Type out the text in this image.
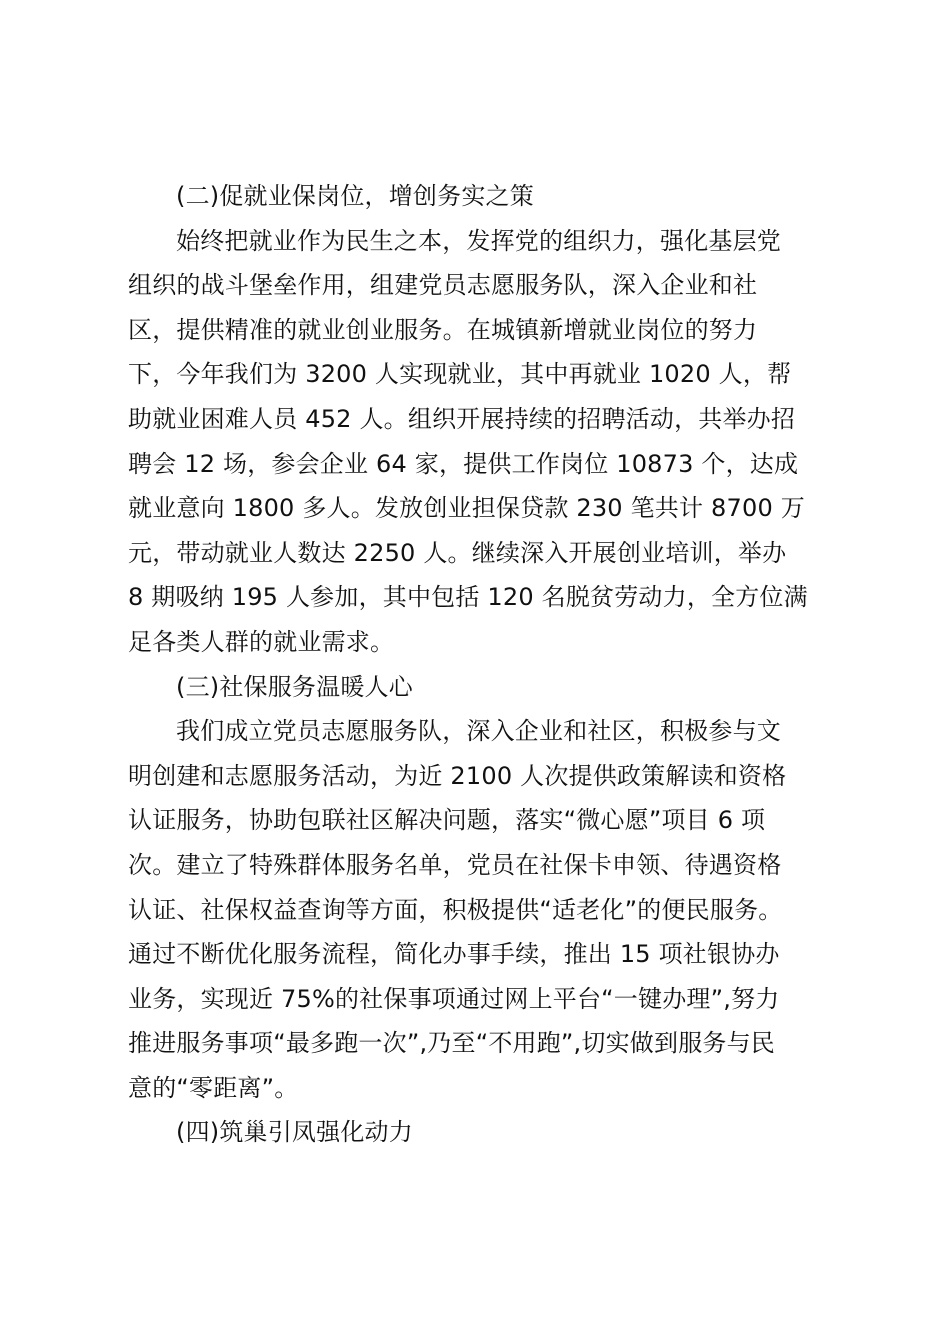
(二)促就业保岗位，增创务实之策
始终把就业作为民生之本，发挥党的组织力，强化基层党
组织的战斗堡垒作用，组建党员志愿服务队，深入企业和社
区，提供精准的就业创业服务。在城镇新增就业岗位的努力
下，今年我们为 3200 人实现就业，其中再就业 1020 人，帮
助就业困难人员 452 人。组织开展持续的招聘活动，共举办招
聘会 12 场，参会企业 64 家，提供工作岗位 10873 个，达成
就业意向 1800 多人。发放创业担保贷款 230 笔共计 8700 万
元，带动就业人数达 2250 人。继续深入开展创业培训，举办
8 期吸纳 195 人参加，其中包括 120 名脱贫劳动力，全方位满
足各类人群的就业需求。
(三)社保服务温暖人心
我们成立党员志愿服务队，深入企业和社区，积极参与文
明创建和志愿服务活动，为近 2100 人次提供政策解读和资格
认证服务，协助包联社区解决问题，落实“微心愿”项目 6 项
次。建立了特殊群体服务名单，党员在社保卡申领、待遇资格
认证、社保权益查询等方面，积极提供“适老化”的便民服务。
通过不断优化服务流程，简化办事手续，推出 15 项社银协办
业务，实现近 75%的社保事项通过网上平台“一键办理”,努力
推进服务事项“最多跑一次”,乃至“不用跑”,切实做到服务与民
意的“零距离”。
(四)筑巢引凤强化动力
